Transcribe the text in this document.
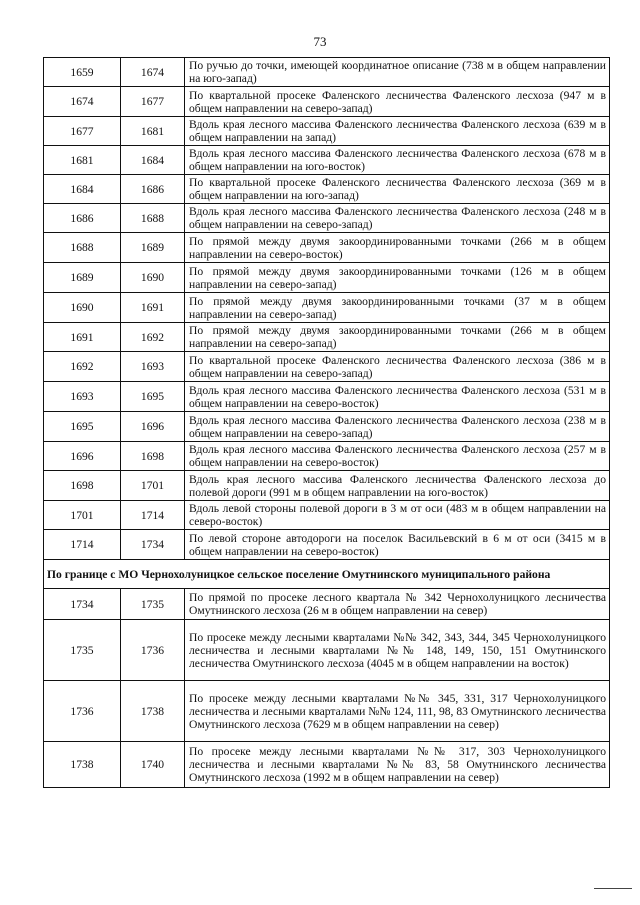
73
1659	1674	По ручью до точки, имеющей координатное описание (738 м в общем направлении на юго-запад)
1674	1677	По квартальной просеке Фаленского лесничества Фаленского лесхоза (947 м в общем направлении на северо-запад)
1677	1681	Вдоль края лесного массива Фаленского лесничества Фаленского лесхоза (639 м в общем направлении на запад)
1681	1684	Вдоль края лесного массива Фаленского лесничества Фаленского лесхоза (678 м в общем направлении на юго-восток)
1684	1686	По квартальной просеке Фаленского лесничества Фаленского лесхоза (369 м в общем направлении на юго-запад)
1686	1688	Вдоль края лесного массива Фаленского лесничества Фаленского лесхоза (248 м в общем направлении на северо-запад)
1688	1689	По прямой между двумя закоординированными точками (266 м в общем направлении на северо-восток)
1689	1690	По прямой между двумя закоординированными точками (126 м в общем направлении на северо-запад)
1690	1691	По прямой между двумя закоординированными точками (37 м в общем направлении на северо-запад)
1691	1692	По прямой между двумя закоординированными точками (266 м в общем направлении на северо-запад)
1692	1693	По квартальной просеке Фаленского лесничества Фаленского лесхоза (386 м в общем направлении на северо-запад)
1693	1695	Вдоль края лесного массива Фаленского лесничества Фаленского лесхоза (531 м в общем направлении на северо-восток)
1695	1696	Вдоль края лесного массива Фаленского лесничества Фаленского лесхоза (238 м в общем направлении на северо-запад)
1696	1698	Вдоль края лесного массива Фаленского лесничества Фаленского лесхоза (257 м в общем направлении на северо-восток)
1698	1701	Вдоль края лесного массива Фаленского лесничества Фаленского лесхоза до полевой дороги (991 м в общем направлении на юго-восток)
1701	1714	Вдоль левой стороны полевой дороги в 3 м от оси (483 м в общем направлении на северо-восток)
1714	1734	По левой стороне автодороги на поселок Васильевский в 6 м от оси (3415 м в общем направлении на северо-восток)
По границе с МО Чернохолуницкое сельское поселение Омутнинского муниципального района		
1734	1735	По прямой по просеке лесного квартала № 342 Чернохолуницкого лесничества Омутнинского лесхоза (26 м в общем направлении на север)
1735	1736	По просеке между лесными кварталами №№ 342, 343, 344, 345 Чернохолуницкого лесничества и лесными кварталами №№ 148, 149, 150, 151 Омутнинского лесничества Омутнинского лесхоза (4045 м в общем направлении на восток)
1736	1738	По просеке между лесными кварталами №№ 345, 331, 317 Чернохолуницкого лесничества и лесными кварталами №№ 124, 111, 98, 83 Омутнинского лесничества Омутнинского лесхоза (7629 м в общем направлении на север)
1738	1740	По просеке между лесными кварталами №№ 317, 303 Чернохолуницкого лесничества и лесными кварталами №№ 83, 58 Омутнинского лесничества Омутнинского лесхоза (1992 м в общем направлении на север)
